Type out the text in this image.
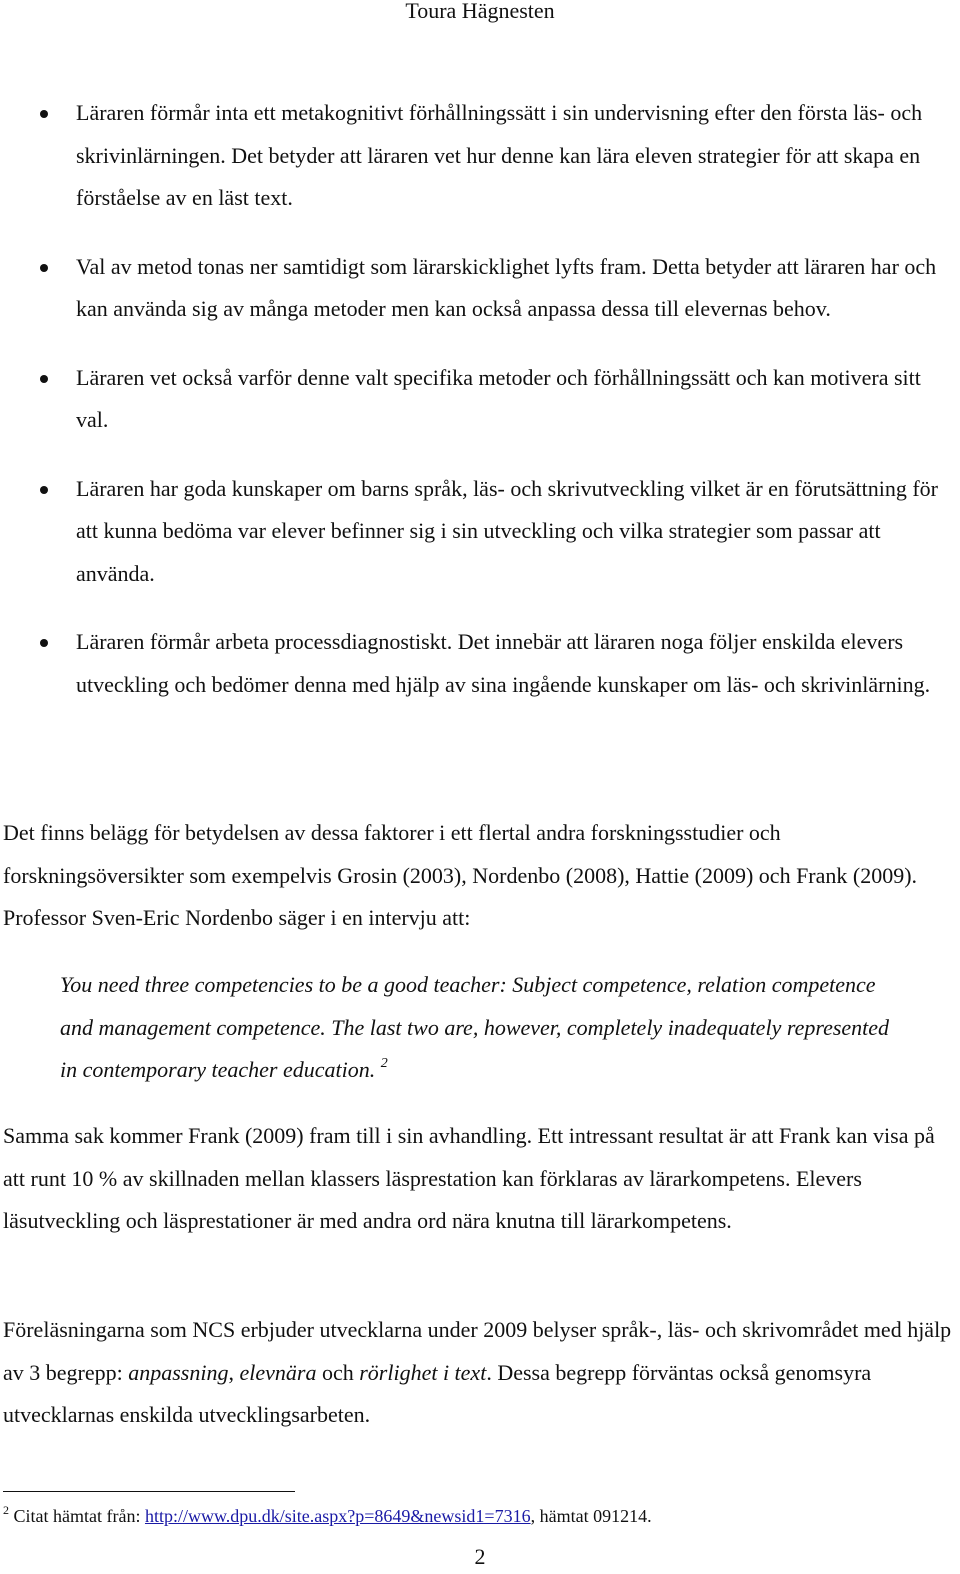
Toura Hägnesten
Läraren förmår inta ett metakognitivt förhållningssätt i sin undervisning efter den första läs- och skrivinlärningen. Det betyder att läraren vet hur denne kan lära eleven strategier för att skapa en förståelse av en läst text.
Val av metod tonas ner samtidigt som lärarskicklighet lyfts fram. Detta betyder att läraren har och kan använda sig av många metoder men kan också anpassa dessa till elevernas behov.
Läraren vet också varför denne valt specifika metoder och förhållningssätt och kan motivera sitt val.
Läraren har goda kunskaper om barns språk, läs- och skrivutveckling vilket är en förutsättning för att kunna bedöma var elever befinner sig i sin utveckling och vilka strategier som passar att använda.
Läraren förmår arbeta processdiagnostiskt. Det innebär att läraren noga följer enskilda elevers utveckling och bedömer denna med hjälp av sina ingående kunskaper om läs- och skrivinlärning.

Det finns belägg för betydelsen av dessa faktorer i ett flertal andra forskningsstudier och forskningsöversikter som exempelvis Grosin (2003), Nordenbo (2008), Hattie (2009) och Frank (2009). Professor Sven-Eric Nordenbo säger i en intervju att:

You need three competencies to be a good teacher: Subject competence, relation competence and management competence. The last two are, however, completely inadequately represented in contemporary teacher education. $^2$

Samma sak kommer Frank (2009) fram till i sin avhandling. Ett intressant resultat är att Frank kan visa på att runt 10 % av skillnaden mellan klassers läsprestation kan förklaras av lärarkompetens. Elevers läsutveckling och läsprestationer är med andra ord nära knutna till lärarkompetens.

Föreläsningarna som NCS erbjuder utvecklarna under 2009 belyser språk-, läs- och skrivområdet med hjälp av 3 begrepp: anpassning, elevnära och rörlighet i text. Dessa begrepp förväntas också genomsyra utvecklarnas enskilda utvecklingsarbeten.

$^2$ Citat hämtat från: http://www.dpu.dk/site.aspx?p=8649&newsid1=7316, hämtat 091214.
2
